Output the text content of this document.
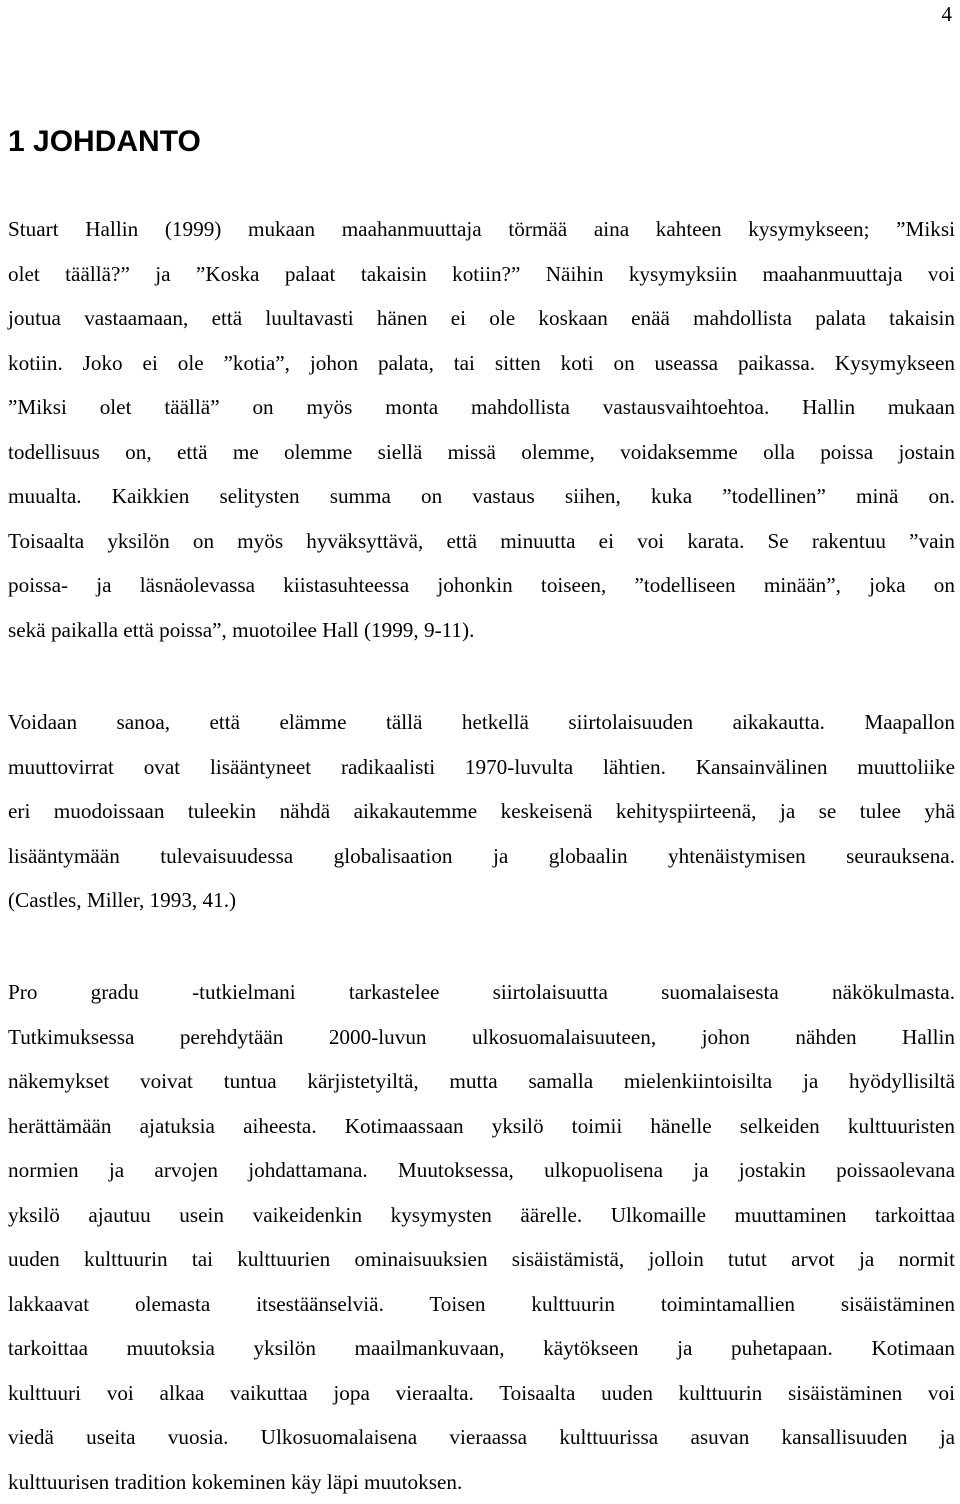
4
1 JOHDANTO

Stuart Hallin (1999) mukaan maahanmuuttaja törmää aina kahteen kysymykseen; ”Miksi
olet täällä?” ja ”Koska palaat takaisin kotiin?” Näihin kysymyksiin maahanmuuttaja voi
joutua vastaamaan, että luultavasti hänen ei ole koskaan enää mahdollista palata takaisin
kotiin. Joko ei ole ”kotia”, johon palata, tai sitten koti on useassa paikassa. Kysymykseen
”Miksi olet täällä” on myös monta mahdollista vastausvaihtoehtoa. Hallin mukaan
todellisuus on, että me olemme siellä missä olemme, voidaksemme olla poissa jostain
muualta. Kaikkien selitysten summa on vastaus siihen, kuka ”todellinen” minä on.
Toisaalta yksilön on myös hyväksyttävä, että minuutta ei voi karata. Se rakentuu ”vain
poissa- ja läsnäolevassa kiistasuhteessa johonkin toiseen, ”todelliseen minään”, joka on
sekä paikalla että poissa”, muotoilee Hall (1999, 9-11).

Voidaan sanoa, että elämme tällä hetkellä siirtolaisuuden aikakautta. Maapallon
muuttovirrat ovat lisääntyneet radikaalisti 1970-luvulta lähtien. Kansainvälinen muuttoliike
eri muodoissaan tuleekin nähdä aikakautemme keskeisenä kehityspiirteenä, ja se tulee yhä
lisääntymään tulevaisuudessa globalisaation ja globaalin yhtenäistymisen seurauksena.
(Castles, Miller, 1993, 41.)

Pro gradu -tutkielmani tarkastelee siirtolaisuutta suomalaisesta näkökulmasta.
Tutkimuksessa perehdytään 2000-luvun ulkosuomalaisuuteen, johon nähden Hallin
näkemykset voivat tuntua kärjistetyiltä, mutta samalla mielenkiintoisilta ja hyödyllisiltä
herättämään ajatuksia aiheesta. Kotimaassaan yksilö toimii hänelle selkeiden kulttuuristen
normien ja arvojen johdattamana. Muutoksessa, ulkopuolisena ja jostakin poissaolevana
yksilö ajautuu usein vaikeidenkin kysymysten äärelle. Ulkomaille muuttaminen tarkoittaa
uuden kulttuurin tai kulttuurien ominaisuuksien sisäistämistä, jolloin tutut arvot ja normit
lakkaavat olemasta itsestäänselviä. Toisen kulttuurin toimintamallien sisäistäminen
tarkoittaa muutoksia yksilön maailmankuvaan, käytökseen ja puhetapaan. Kotimaan
kulttuuri voi alkaa vaikuttaa jopa vieraalta. Toisaalta uuden kulttuurin sisäistäminen voi
viedä useita vuosia. Ulkosuomalaisena vieraassa kulttuurissa asuvan kansallisuuden ja
kulttuurisen tradition kokeminen käy läpi muutoksen.
